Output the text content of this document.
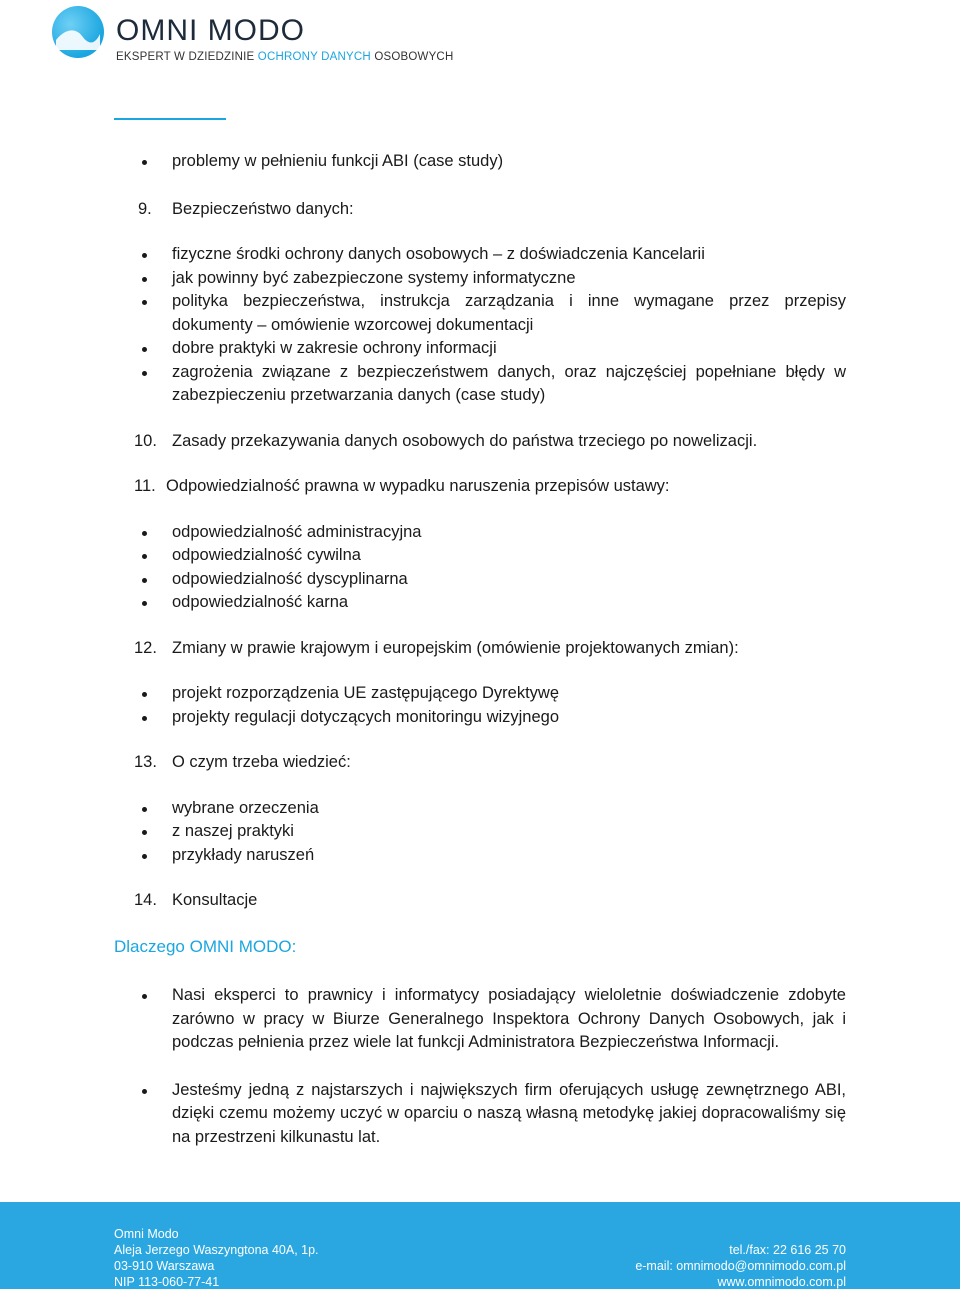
OMNI MODO
EKSPERT W DZIEDZINIE OCHRONY DANYCH OSOBOWYCH
problemy w pełnieniu funkcji ABI (case study)
9. Bezpieczeństwo danych:
fizyczne środki ochrony danych osobowych – z doświadczenia Kancelarii
jak powinny być zabezpieczone systemy informatyczne
polityka bezpieczeństwa, instrukcja zarządzania i inne wymagane przez przepisy dokumenty – omówienie wzorcowej dokumentacji
dobre praktyki w zakresie ochrony informacji
zagrożenia związane z bezpieczeństwem danych, oraz najczęściej popełniane błędy w zabezpieczeniu przetwarzania danych (case study)
10. Zasady przekazywania danych osobowych do państwa trzeciego po nowelizacji.
11. Odpowiedzialność prawna w wypadku naruszenia przepisów ustawy:
odpowiedzialność administracyjna
odpowiedzialność cywilna
odpowiedzialność dyscyplinarna
odpowiedzialność karna
12. Zmiany w prawie krajowym i europejskim (omówienie projektowanych zmian):
projekt rozporządzenia UE zastępującego Dyrektywę
projekty regulacji dotyczących monitoringu wizyjnego
13. O czym trzeba wiedzieć:
wybrane orzeczenia
z naszej praktyki
przykłady naruszeń
14. Konsultacje
Dlaczego OMNI MODO:
Nasi eksperci to prawnicy i informatycy posiadający wieloletnie doświadczenie zdobyte zarówno w pracy w Biurze Generalnego Inspektora Ochrony Danych Osobowych, jak i podczas pełnienia przez wiele lat funkcji Administratora Bezpieczeństwa Informacji.
Jesteśmy jedną z najstarszych i największych firm oferujących usługę zewnętrznego ABI, dzięki czemu możemy uczyć w oparciu o naszą własną metodykę jakiej dopracowaliśmy się na przestrzeni kilkunastu lat.
Omni Modo
Aleja Jerzego Waszyngtona 40A, 1p.
03-910 Warszawa
NIP 113-060-77-41
tel./fax: 22 616 25 70
e-mail: omnimodo@omnimodo.com.pl
www.omnimodo.com.pl
